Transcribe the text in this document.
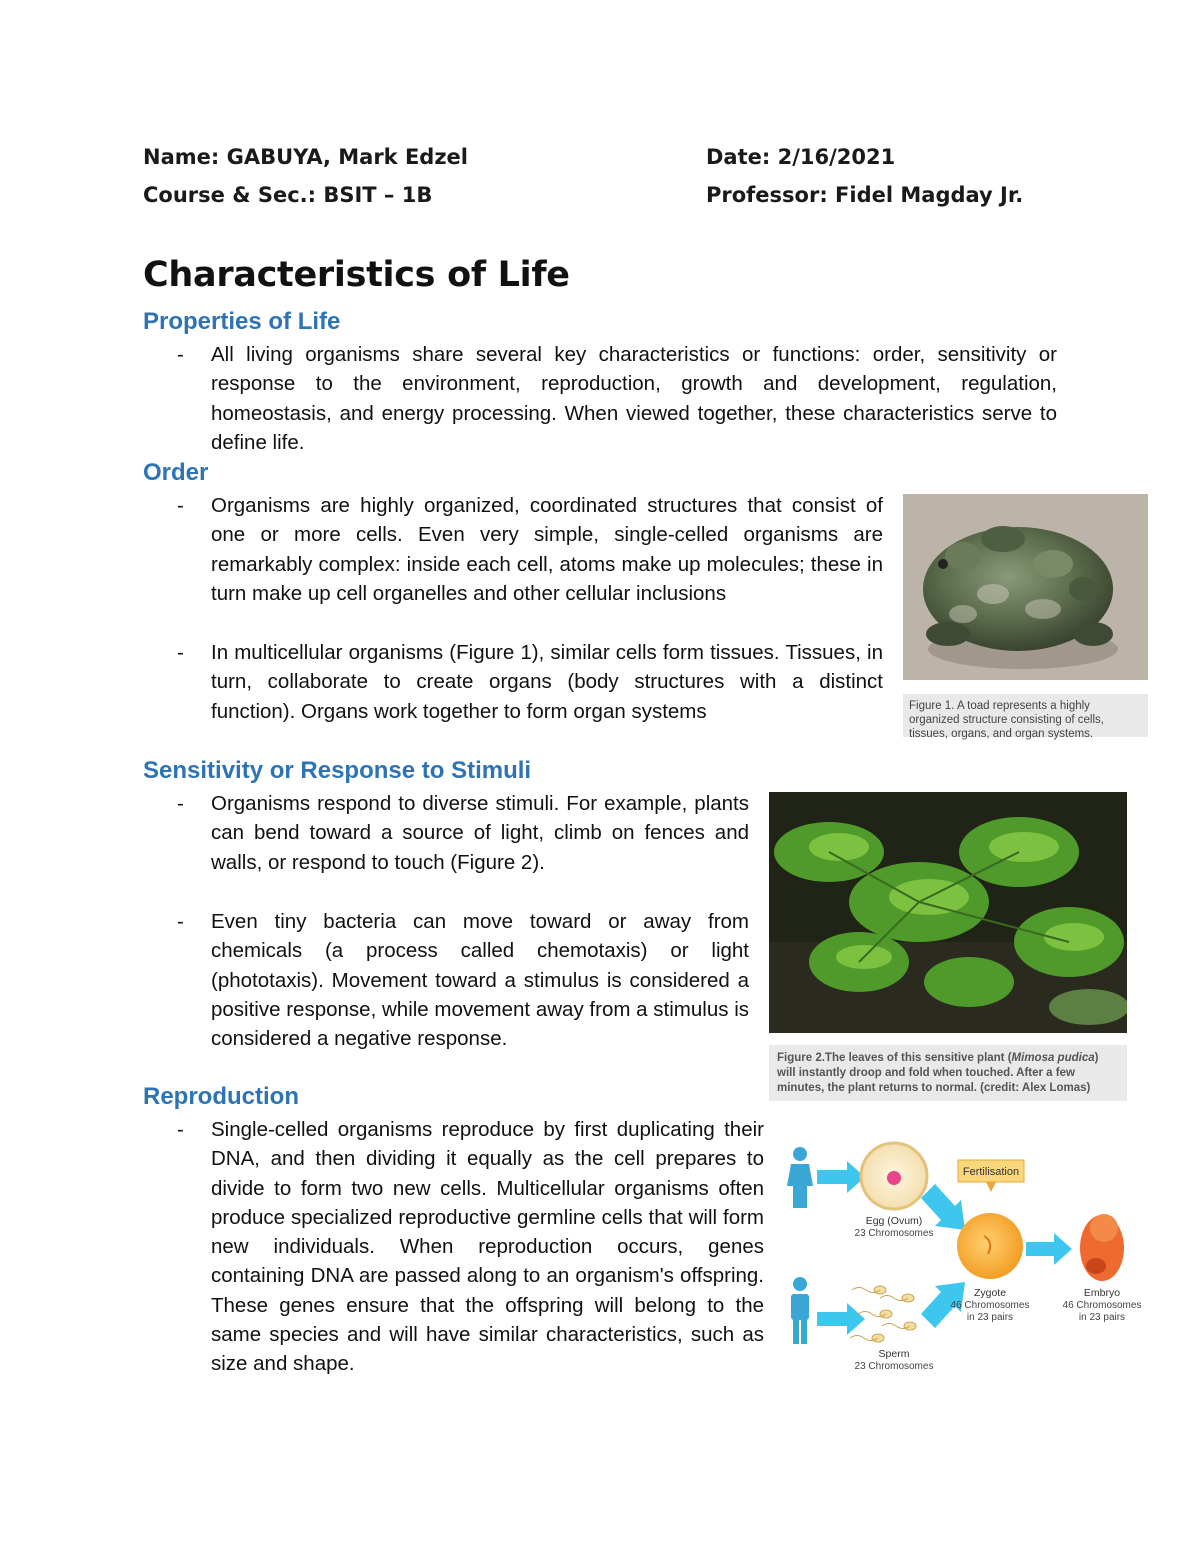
Name: GABUYA, Mark Edzel
Course & Sec.: BSIT – 1B
Date: 2/16/2021
Professor: Fidel Magday Jr.
Characteristics of Life
Properties of Life
- All living organisms share several key characteristics or functions: order, sensitivity or response to the environment, reproduction, growth and development, regulation, homeostasis, and energy processing. When viewed together, these characteristics serve to define life.

Order
- Organisms are highly organized, coordinated structures that consist of one or more cells. Even very simple, single-celled organisms are remarkably complex: inside each cell, atoms make up molecules; these in turn make up cell organelles and other cellular inclusions

- In multicellular organisms (Figure 1), similar cells form tissues. Tissues, in turn, collaborate to create organs (body structures with a distinct function). Organs work together to form organ systems	Figure 1. A toad represents a highly organized structure consisting of cells, tissues, organs, and organ systems.
Sensitivity or Response to Stimuli
- Organisms respond to diverse stimuli. For example, plants can bend toward a source of light, climb on fences and walls, or respond to touch (Figure 2).

- Even tiny bacteria can move toward or away from chemicals (a process called chemotaxis) or light (phototaxis). Movement toward a stimulus is considered a positive response, while movement away from a stimulus is considered a negative response.

Figure 2.The leaves of this sensitive plant (Mimosa pudica) will instantly droop and fold when touched. After a few minutes, the plant returns to normal. (credit: Alex Lomas)
Reproduction
- Single-celled organisms reproduce by first duplicating their DNA, and then dividing it equally as the cell prepares to divide to form two new cells. Multicellular organisms often produce specialized reproductive germline cells that will form new individuals. When reproduction occurs, genes containing DNA are passed along to an organism's offspring. These genes ensure that the offspring will belong to the same species and will have similar characteristics, such as size and shape.

Egg (Ovum)
23 Chromosomes
Sperm
23 Chromosomes
Fertilisation
Zygote
46 Chromosomes
in 23 pairs
Embryo
46 Chromosomes
in 23 pairs
